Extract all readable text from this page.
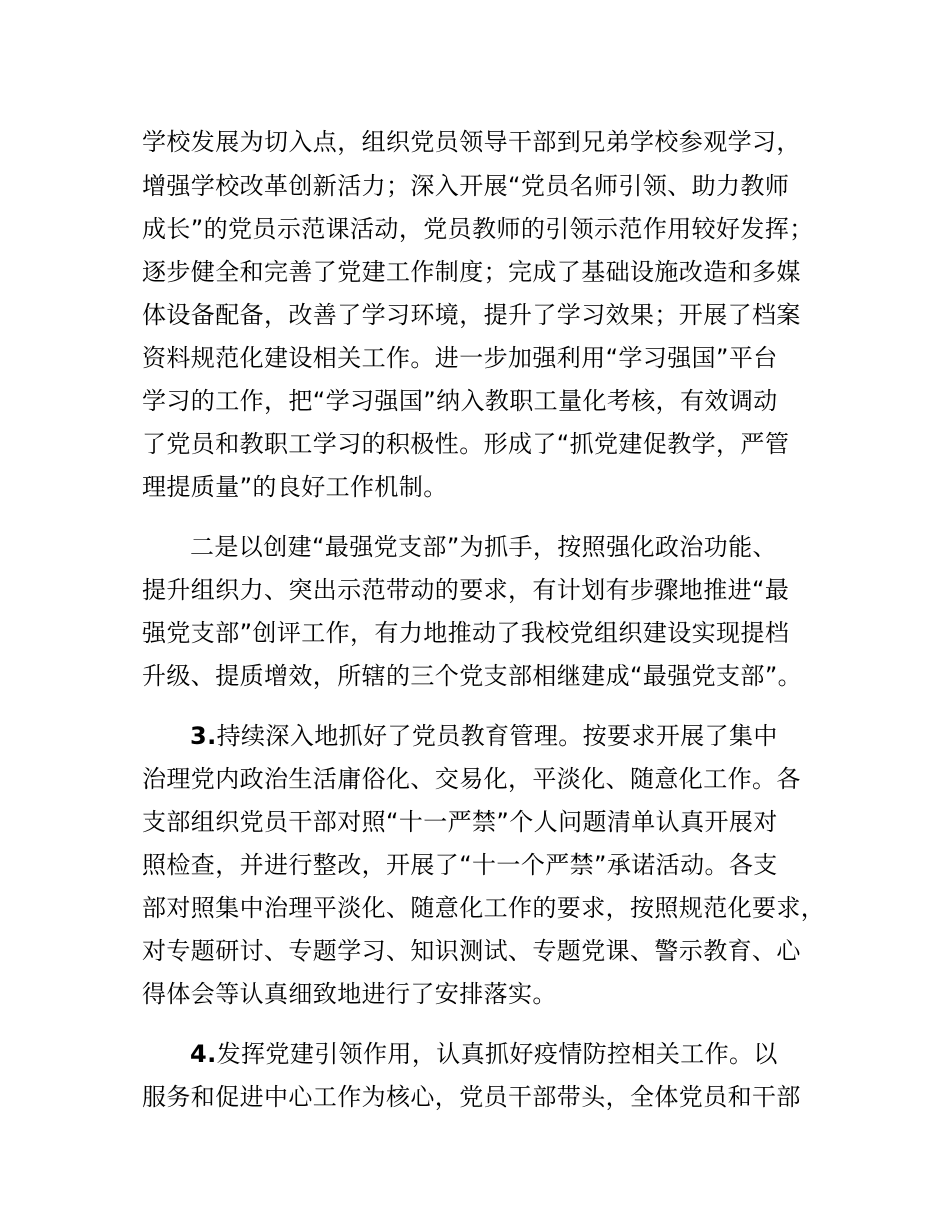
学校发展为切入点，组织党员领导干部到兄弟学校参观学习，
增强学校改革创新活力；深入开展“党员名师引领、助力教师
成长”的党员示范课活动，党员教师的引领示范作用较好发挥；
逐步健全和完善了党建工作制度；完成了基础设施改造和多媒
体设备配备，改善了学习环境，提升了学习效果；开展了档案
资料规范化建设相关工作。进一步加强利用“学习强国”平台
学习的工作，把“学习强国”纳入教职工量化考核，有效调动
了党员和教职工学习的积极性。形成了“抓党建促教学，严管
理提质量”的良好工作机制。
二是以创建“最强党支部”为抓手，按照强化政治功能、
提升组织力、突出示范带动的要求，有计划有步骤地推进“最
强党支部”创评工作，有力地推动了我校党组织建设实现提档
升级、提质增效，所辖的三个党支部相继建成“最强党支部”。
3.持续深入地抓好了党员教育管理。按要求开展了集中
治理党内政治生活庸俗化、交易化，平淡化、随意化工作。各
支部组织党员干部对照“十一严禁”个人问题清单认真开展对
照检查，并进行整改，开展了“十一个严禁”承诺活动。各支
部对照集中治理平淡化、随意化工作的要求，按照规范化要求，
对专题研讨、专题学习、知识测试、专题党课、警示教育、心
得体会等认真细致地进行了安排落实。
4.发挥党建引领作用，认真抓好疫情防控相关工作。以
服务和促进中心工作为核心，党员干部带头，全体党员和干部
